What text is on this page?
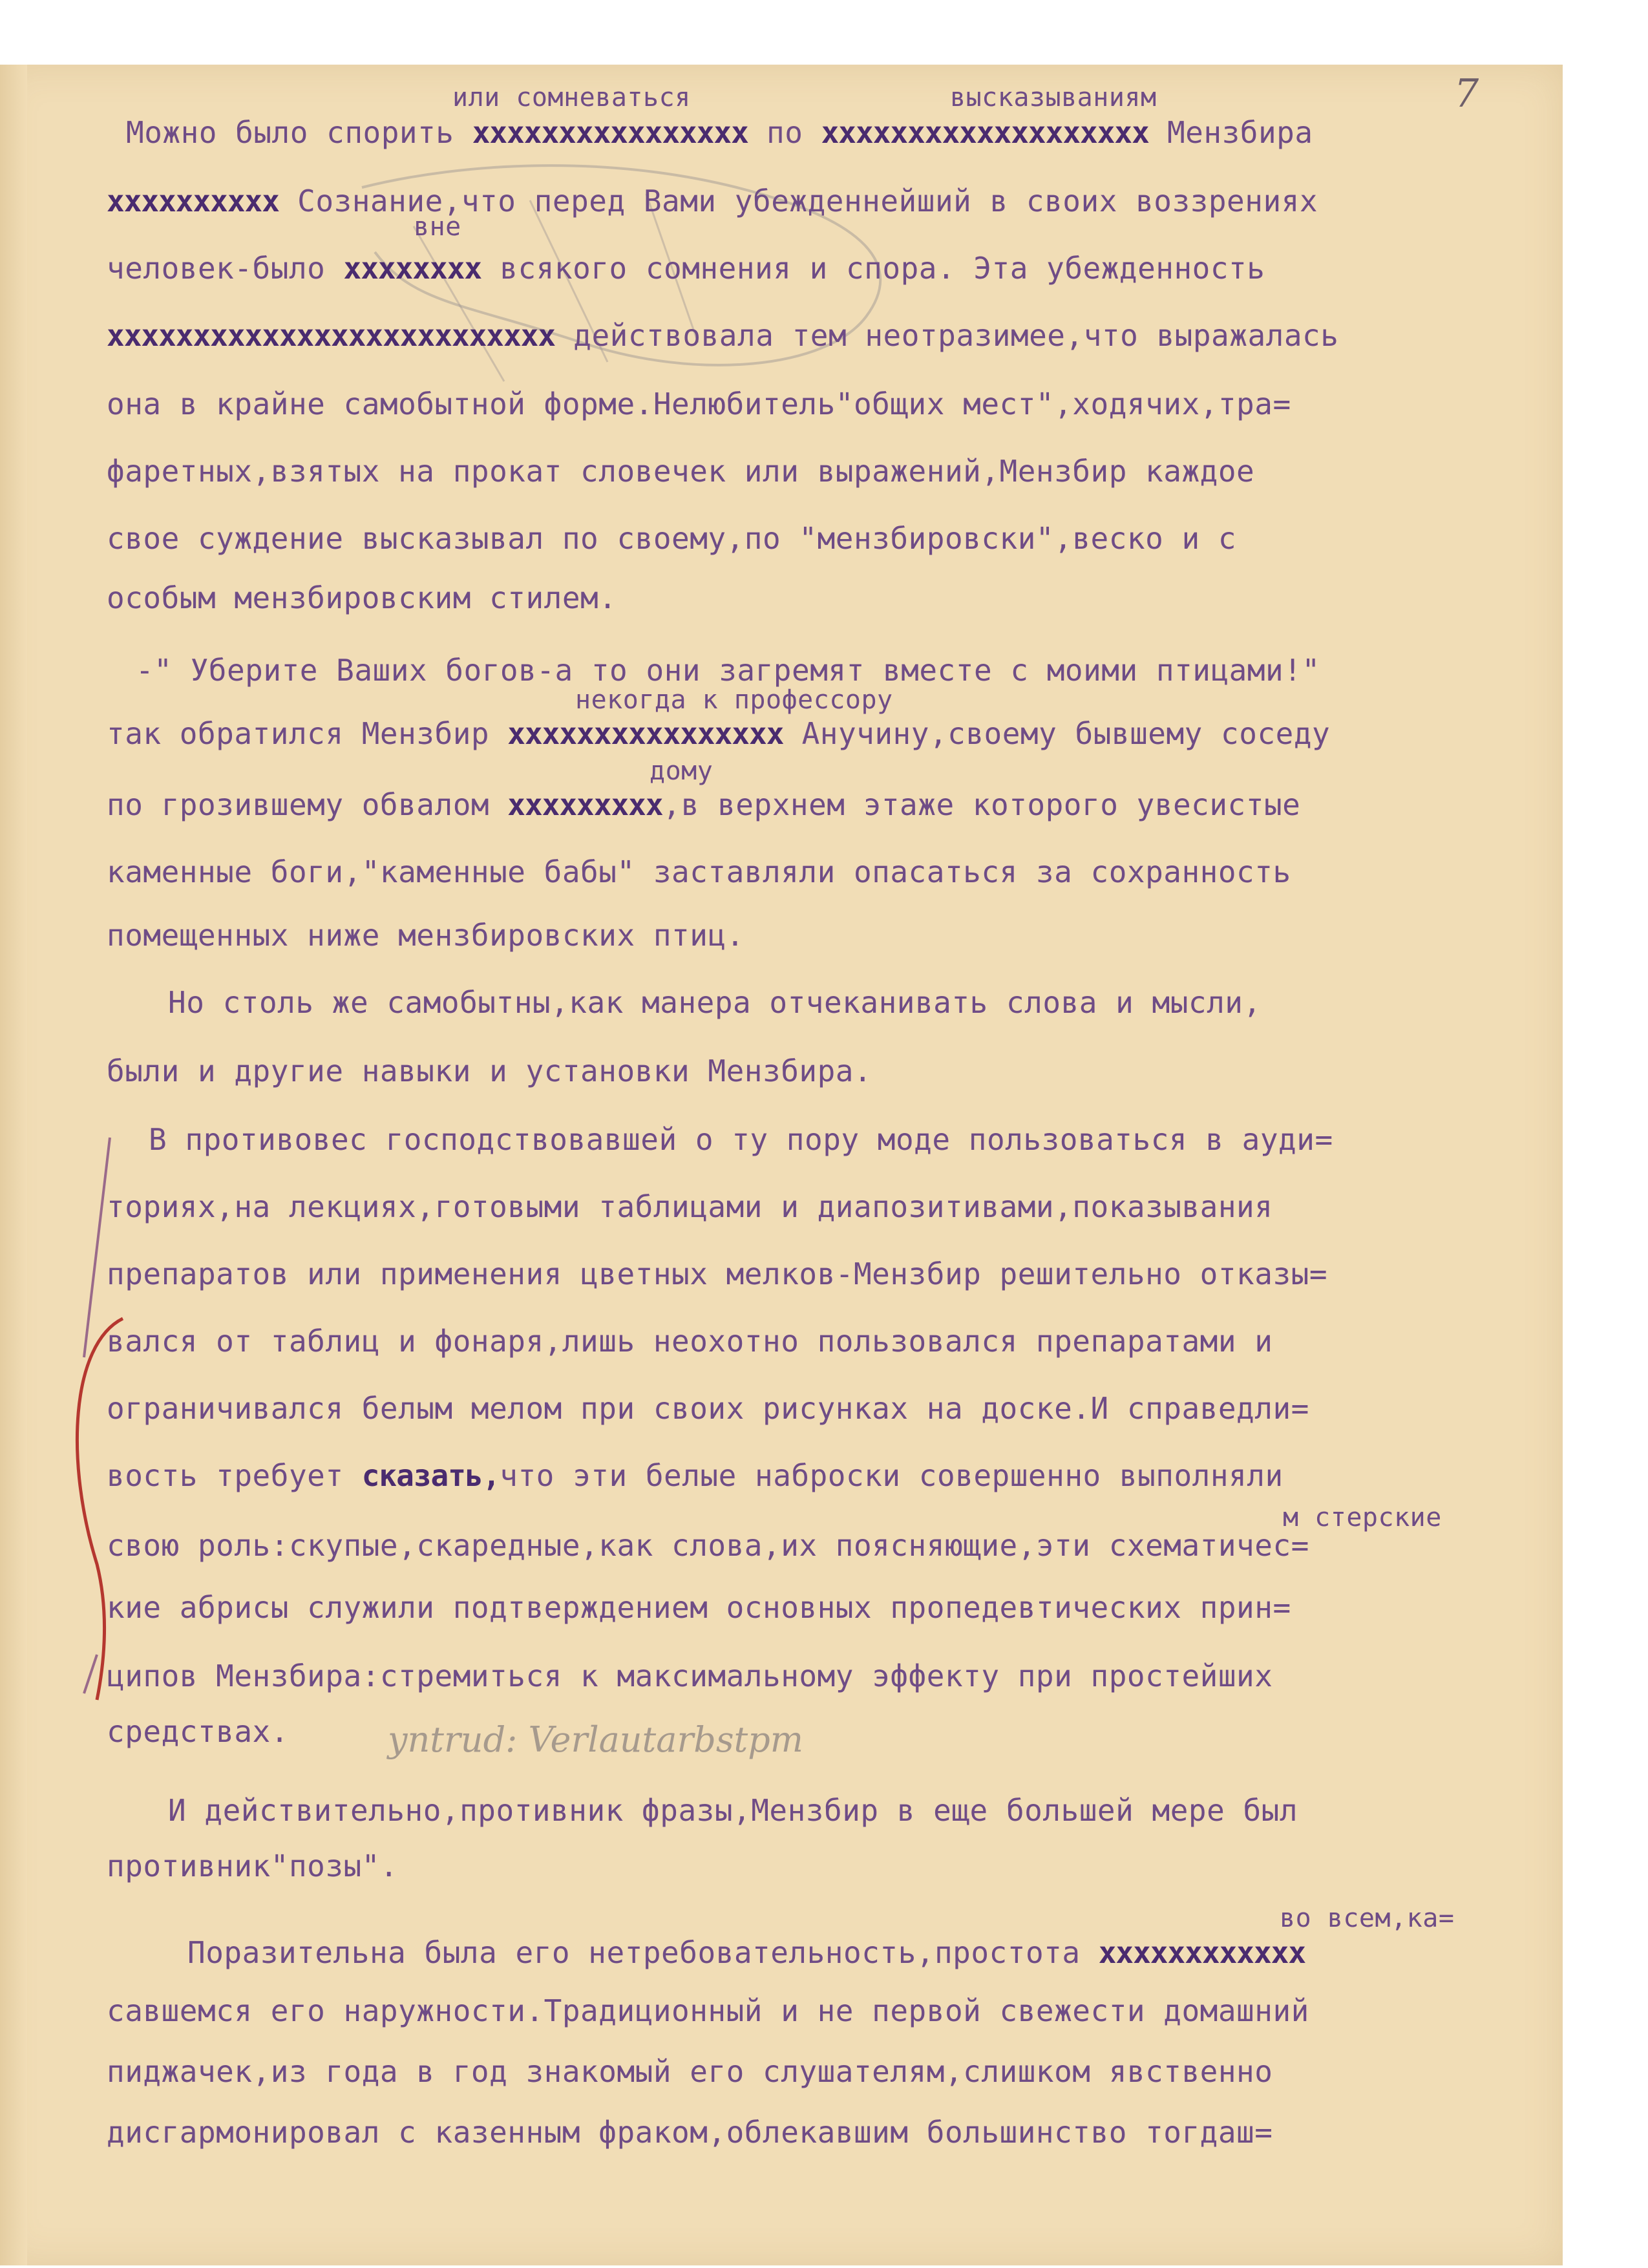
7
или сомневаться	высказываниям
вне
некогда к профессору
дому
м стерские
во всем,ка=
Можно было спорить хххххххххххххххх по ххххххххххххххххххх Мензбира
хххххххххх Сознание,что перед Вами убежденнейший в своих воззрениях
человек-было хххххххх всякого сомнения и спора. Эта убежденность
хххххххххххххххххххххххххх действовала тем неотразимее,что выражалась
она в крайне самобытной форме.Нелюбитель"общих мест",ходячих,тра=
фаретных,взятых на прокат словечек или выражений,Мензбир каждое
свое суждение высказывал по своему,по "мензбировски",веско и с
особым мензбировским стилем.
-" Уберите Ваших богов-а то они загремят вместе с моими птицами!"
так обратился Мензбир хххххххххххххххх Анучину,своему бывшему соседу
по грозившему обвалом ххххххххх,в верхнем этаже которого увесистые
каменные боги,"каменные бабы" заставляли опасаться за сохранность
помещенных ниже мензбировских птиц.
Но столь же самобытны,как манера отчеканивать слова и мысли,
были и другие навыки и установки Мензбира.
В противовес господствовавшей о ту пору моде пользоваться в ауди=
ториях,на лекциях,готовыми таблицами и диапозитивами,показывания
препаратов или применения цветных мелков-Мензбир решительно отказы=
вался от таблиц и фонаря,лишь неохотно пользовался препаратами и
ограничивался белым мелом при своих рисунках на доске.И справедли=
вость требует сказать,что эти белые наброски совершенно выполняли
свою роль:скупые,скаредные,как слова,их поясняющие,эти схематичес=
кие абрисы служили подтверждением основных пропедевтических прин=
ципов Мензбира:стремиться к максимальному эффекту при простейших
средствах.
И действительно,противник фразы,Мензбир в еще большей мере был
противник"позы".
Поразительна была его нетребовательность,простота хххххххххххх
савшемся его наружности.Традиционный и не первой свежести домашний
пиджачек,из года в год знакомый его слушателям,слишком явственно
дисгармонировал с казенным фраком,облекавшим большинство тогдаш=
yntrud: Verlautarbstpm
